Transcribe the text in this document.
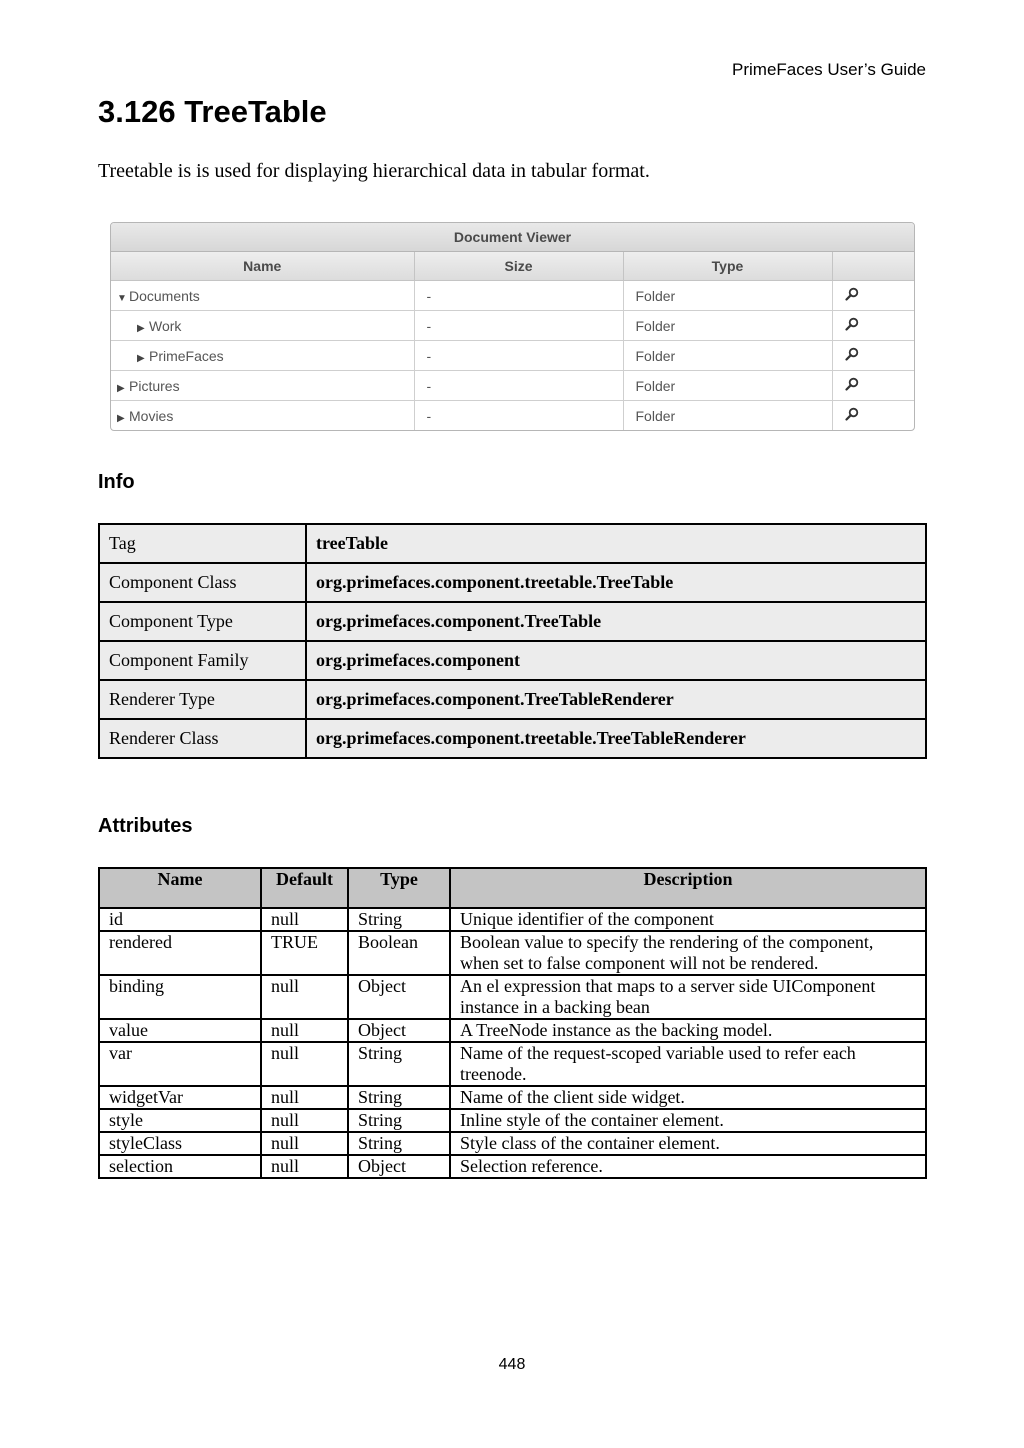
PrimeFaces User’s Guide
3.126 TreeTable
Treetable is is used for displaying hierarchical data in tabular format.
Document Viewer
Name	Size	Type	
▼ Documents	-	Folder	
▶ Work	-	Folder	
▶ PrimeFaces	-	Folder	
▶ Pictures	-	Folder	
▶ Movies	-	Folder	
Info
Tag	treeTable
Component Class	org.primefaces.component.treetable.TreeTable
Component Type	org.primefaces.component.TreeTable
Component Family	org.primefaces.component
Renderer Type	org.primefaces.component.TreeTableRenderer
Renderer Class	org.primefaces.component.treetable.TreeTableRenderer
Attributes
Name	Default	Type	Description
id	null	String	Unique identifier of the component
rendered	TRUE	Boolean	Boolean value to specify the rendering of the component, when set to false component will not be rendered.
binding	null	Object	An el expression that maps to a server side UIComponent instance in a backing bean
value	null	Object	A TreeNode instance as the backing model.
var	null	String	Name of the request-scoped variable used to refer each treenode.
widgetVar	null	String	Name of the client side widget.
style	null	String	Inline style of the container element.
styleClass	null	String	Style class of the container element.
selection	null	Object	Selection reference.
448
